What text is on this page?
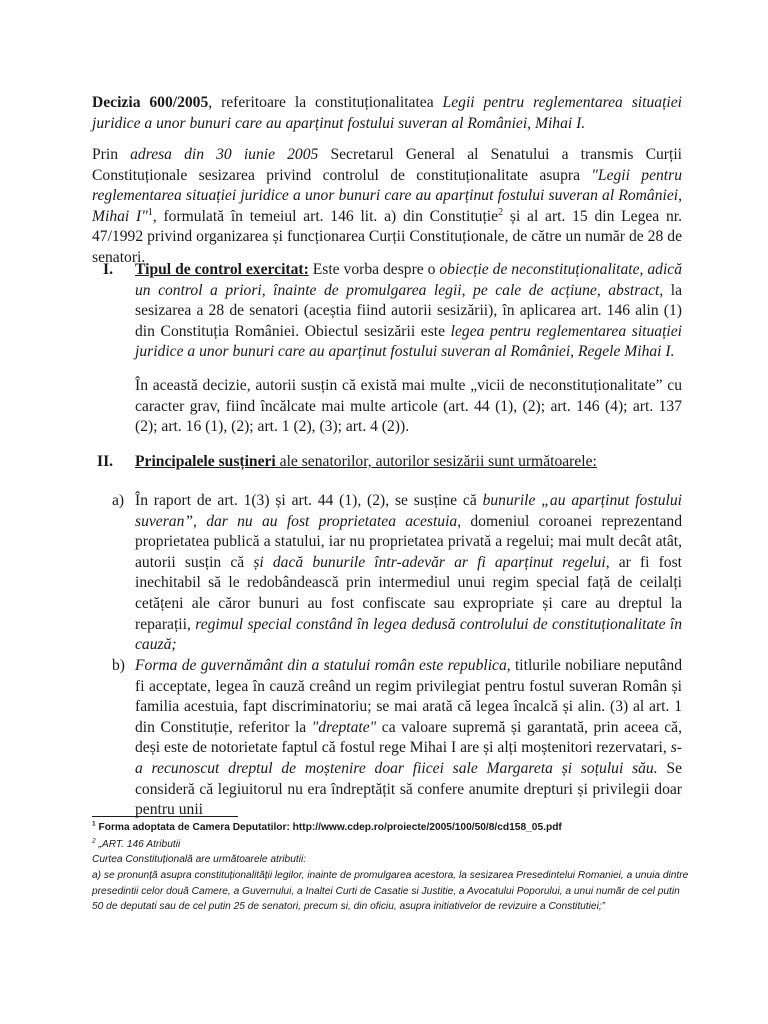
Decizia 600/2005, referitoare la constituționalitatea Legii pentru reglementarea situației juridice a unor bunuri care au aparținut fostului suveran al României, Mihai I.

Prin adresa din 30 iunie 2005 Secretarul General al Senatului a transmis Curții Constituționale sesizarea privind controlul de constituționalitate asupra "Legii pentru reglementarea situației juridice a unor bunuri care au aparținut fostului suveran al României, Mihai I"$^1$, formulată în temeiul art. 146 lit. a) din Constituție$^2$ și al art. 15 din Legea nr. 47/1992 privind organizarea și funcționarea Curții Constituționale, de către un număr de 28 de senatori.

I. Tipul de control exercitat: Este vorba despre o obiecție de neconstituționalitate, adică un control a priori, înainte de promulgarea legii, pe cale de acțiune, abstract, la sesizarea a 28 de senatori (aceștia fiind autorii sesizării), în aplicarea art. 146 alin (1) din Constituția României. Obiectul sesizării este legea pentru reglementarea situației juridice a unor bunuri care au aparținut fostului suveran al României, Regele Mihai I.

În această decizie, autorii susțin că există mai multe „vicii de neconstituționalitate” cu caracter grav, fiind încălcate mai multe articole (art. 44 (1), (2); art. 146 (4); art. 137 (2); art. 16 (1), (2); art. 1 (2), (3); art. 4 (2)).

II. Principalele susțineri ale senatorilor, autorilor sesizării sunt următoarele:

a) În raport de art. 1(3) și art. 44 (1), (2), se susține că bunurile „au aparținut fostului suveran”, dar nu au fost proprietatea acestuia, domeniul coroanei reprezentand proprietatea publică a statului, iar nu proprietatea privată a regelui; mai mult decât atât, autorii susțin că și dacă bunurile într-adevăr ar fi aparținut regelui, ar fi fost inechitabil să le redobândească prin intermediul unui regim special față de ceilalți cetățeni ale căror bunuri au fost confiscate sau expropriate și care au dreptul la reparații, regimul special constând în legea dedusă controlului de constituționalitate în cauză;

b) Forma de guvernământ din a statului român este republica, titlurile nobiliare neputând fi acceptate, legea în cauză creând un regim privilegiat pentru fostul suveran Român și familia acestuia, fapt discriminatoriu; se mai arată că legea încalcă și alin. (3) al art. 1 din Constituție, referitor la "dreptate" ca valoare supremă și garantată, prin aceea că, deși este de notorietate faptul că fostul rege Mihai I are și alți moștenitori rezervatari, s-a recunoscut dreptul de moștenire doar fiicei sale Margareta și soțului său. Se consideră că legiuitorul nu era îndreptățit să confere anumite drepturi și privilegii doar pentru unii

$^1$ Forma adoptata de Camera Deputatilor: http://www.cdep.ro/proiecte/2005/100/50/8/cd158_05.pdf

$^2$ „ART. 146 Atributii

Curtea Constituțională are următoarele atributii:

a) se pronunță asupra constituționalității legilor, inainte de promulgarea acestora, la sesizarea Presedintelui Romaniei, a unuia dintre presedintii celor două Camere, a Guvernului, a Inaltei Curti de Casatie si Justitie, a Avocatului Poporului, a unui număr de cel putin 50 de deputati sau de cel putin 25 de senatori, precum si, din oficiu, asupra initiativelor de revizuire a Constitutiei;”
